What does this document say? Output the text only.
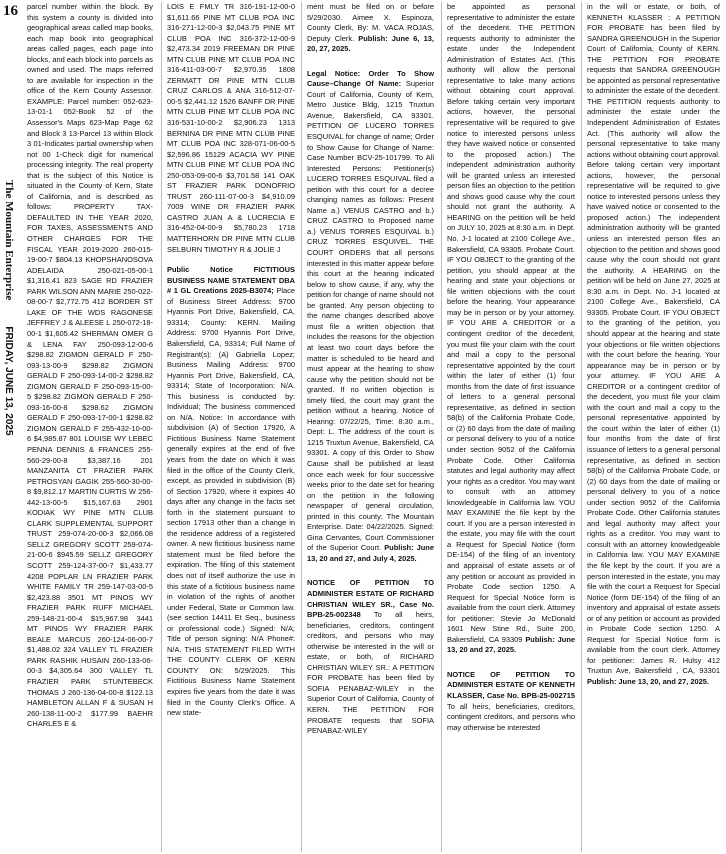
16
The Mountain EnterpriseFRIDAY, JUNE 13, 2025

parcel number within the block. By this system a county is divided into geographical areas called map books, each map book into geographical areas called pages, each page into blocks, and each block into parcels as owned and used. The maps referred to are available for inspection in the office of the Kern County Assessor. EXAMPLE: Parcel number: 052-623-13-01-1 052-Book 52 of the Assessor's Maps 623-Map Page 62 and Block 3 13-Parcel 13 within Block 3 01-Indicates partial ownership when not 00 1-Check digit for numerical processing integrity. The real property that is the subject of this Notice is situated in the County of Kern, State of California, and is described as follows: PROPERTY TAX-DEFAULTED IN THE YEAR 2020, FOR TAXES, ASSESSMENTS AND OTHER CHARGES FOR THE FISCAL YEAR 2019-2020 260-015-19-00-7 $804.13 KHOPSHANOSOVA ADELAIDA 250-021-05-00-1 $1,316.41 823 SAGE RD FRAZIER PARK WILSON ANN MARIE 250-022-08-00-7 $2,772.75 412 BORDER ST LAKE OF THE WDS RAGONESE JEFFREY J & ALEESE L 250-072-18-00-1 $1,605.42 SHERMAN OMER G & LENA FAY 250-093-12-00-6 $298.82 ZIGMON GERALD F 250-093-13-00-9 $298.82 ZIGMON GERALD F 250-093-14-00-2 $298.82 ZIGMON GERALD F 250-093-15-00-5 $298.82 ZIGMON GERALD F 250-093-16-00-8 $298.62 ZIGMON GERALD F 250-093-17-00-1 $298.82 ZIGMON GERALD F 255-432-10-00-6 $4,985.87 801 LOUISE WY LEBEC PENNA DENNIS & FRANCES 255-560-29-00-8 $3,387.16 201 MANZANITA CT FRAZIER PARK PETROSYAN GAGIK 255-560-30-00-8 $9,812.17 MARTIN CURTIS W 256-442-13-00-5 $15,167.63 2901 KODIAK WY PINE MTN CLUB CLARK SUPPLEMENTAL SUPPORT TRUST 259-074-20-00-3 $2,066.08 SELLZ GREGORY SCOTT 259-074-21-00-6 $945.59 SELLZ GREGORY SCOTT 259-124-37-00-7 $1,433.77 4208 POPLAR LN FRAZIER PARK WHITE FAMILY TR 259-147-03-00-5 $2,423.88 3501 MT PINOS WY FRAZIER PARK RUFF MICHAEL 259-148-21-00-4 $15,967.98 3441 MT PINOS WY FRAZIER PARK BEALE MARCUS 260-124-06-00-7 $1,488.02 324 VALLEY TL FRAZIER PARK RASHIK HUSAIN 260-133-06-00-3 $4,305.64 300 VALLEY TL FRAZIER PARK STUNTEBECK THOMAS J 260-136-04-00-8 $122.13 HAMBLETON ALLAN F & SUSAN H 260-138-11-00-2 $177.99 BAEHR CHARLES E &

LOIS E FMLY TR 316-191-12-00-0 $1,611.66 PINE MT CLUB POA INC 316-271-12-00-3 $2,043.75 PINE MT CLUB POA INC 316-372-12-00-9 $2,473.34 2019 FREEMAN DR PINE MTN CLUB PINE MT CLUB POA INC 316-411-03-00-7 $2,970.35 1808 ZERMATT DR PINE MTN CLUB CRUZ CARLOS & ANA 316-512-07-00-5 $2,441.12 1526 BANFF DR PINE MTN CLUB PINE MT CLUB POA INC 316-531-10-00-2 $2,906.23 1313 BERNINA DR PINE MTN CLUB PINE MT CLUB POA INC 328-071-06-00-5 $2,596.86 15129 ACACIA WY PINE MTN CLUB PINE MT CLUB POA INC 250-053-09-00-6 $3,701.58 141 OAK ST FRAZIER PARK DONOFRIO TRUST 260-111-07-00-3 $4,910.09 7009 WINE DR FRAZIER PARK CASTRO JUAN A & LUCRECIA E 316-452-04-00-9 $5,780.23 1718 MATTERHORN DR PINE MTN CLUB SELBURN TIMOTHY R & JOLIE J

Public Notice FICTITIOUS BUSINESS NAME STATEMENT DBA # 1 GL Creations 2025-B3074; Place of Business Street Address: 9700 Hyannis Port Drive, Bakersfield, CA, 93314; County: KERN. Mailing Address: 9700 Hyannis Port Drive, Bakersfield, CA, 93314; Full Name of Registrant(s): (A) Gabriella Lopez; Business Mailing Address: 9700 Hyannis Port Drive, Bakersfield, CA, 93314; State of Incorporation: N/A. This business is conducted by: Individual; The business commenced on N/A. Notice: In accordance with subdivision (A) of Section 17920, A Fictitious Business Name Statement generally expires at the end of five years from the date on which it was filed in the office of the County Clerk, except, as provided in subdivision (B) of Section 17920, where it expires 40 days after any change in the facts set forth in the statement pursuant to section 17913 other than a change in the residence address of a registered owner. A new fictitious business name statement must be filed before the expiration. The filing of this statement does not of itself authorize the use in this state of a fictitious business name in violation of the rights of another under Federal, State or Common law. (see section 14411 Et Seq., business or professional code.) Signed: N/A; Title of person signing: N/A Phone#: N/A. THIS STATEMENT FILED WITH THE COUNTY CLERK OF KERN COUNTY ON: 5/29/2025. This Fictitious Business Name Statement expires five years from the date it was filed in the County Clerk's Office. A new state-

ment must be filed on or before 5/29/2030. Aimee X. Espinoza, County Clerk, By: M. VACA ROJAS, Deputy Clerk. Publish: June 6, 13, 20, 27, 2025.

Legal Notice: Order To Show Cause–Change Of Name: Superior Court of California, County of Kern, Metro Justice Bldg, 1215 Truxtun Avenue, Bakersfield, CA 93301. PETITION OF LUCERO TORRES ESQUIVAL for change of name; Order to Show Cause for Change of Name: Case Number BCV-25-101799. To All Interested Persons: Petitioner(s) LUCERO TORRES ESQUIVAL filed a petition with this court for a decree changing names as follows: Present Name a.) VENUS CASTRO and b.) CRUZ CASTRO to Proposed name a.) VENUS TORRES ESQUIVAL b.) CRUZ TORRES ESQUIVEL. THE COURT ORDERS that all persons interested in this matter appear before this court at the hearing indicated below to show cause, if any, why the petition for change of name should not be granted. Any person objecting to the name changes described above must file a written objection that includes the reasons for the objection at least two court days before the matter is scheduled to be heard and must appear at the hearing to show cause why the petition should not be granted. If no written objection is timely filed, the court may grant the petition without a hearing. Notice of Hearing: 07/22/25, Time: 8:30 a.m., Dept: L. The address of the court is 1215 Truxtun Avenue, Bakersfield, CA 93301. A copy of this Order to Show Cause shall be published at least once each week for four successive weeks prior to the date set for hearing on the petition in the following newspaper of general circulation, printed in this county: The Mountain Enterprise. Date: 04/22/2025. Signed: Gina Cervantes, Court Commissioner of the Superior Court. Publish: June 13, 20 and 27, and July 4, 2025.

NOTICE OF PETITION TO ADMINISTER ESTATE OF RICHARD CHRISTIAN WILEY SR., Case No. BPB-25-002348 To all heirs, beneficiaries, creditors, contingent creditors, and persons who may otherwise be interested in the will or estate, or both, of RICHARD CHRISTIAN WILEY SR.: A PETITION FOR PROBATE has been filed by SOFIA PENABAZ-WILEY in the Superior Court of California, County of KERN. THE PETITION FOR PROBATE requests that SOFIA PENABAZ-WILEY

be appointed as personal representative to administer the estate of the decedent. THE PETITION requests authority to administer the estate under the Independent Administration of Estates Act. (This authority will allow the personal representative to take many actions without obtaining court approval. Before taking certain very important actions, however, the personal representative will be required to give notice to interested persons unless they have waived notice or consented to the proposed action.) The independent administration authority will be granted unless an interested person files an objection to the petition and shows good cause why the court should not grant the authority. A HEARING on the petition will be held on JULY 10, 2025 at 8:30 a.m. in Dept. No. J-1 located at 2100 College Ave., Bakersfield, CA 93305. Probate Court. IF YOU OBJECT to the granting of the petition, you should appear at the hearing and state your objections or file written objections with the court before the hearing. Your appearance may be in person or by your attorney. IF YOU ARE A CREDITOR or a contingent creditor of the decedent, you must file your claim with the court and mail a copy to the personal representative appointed by the court within the later of either (1) four months from the date of first issuance of letters to a general personal representative, as defined in section 58(b) of the California Probate Code, or (2) 60 days from the date of mailing or personal delivery to you of a notice under section 9052 of the California Probate Code. Other California statutes and legal authority may affect your rights as a creditor. You may want to consult with an attorney knowledgeable in California law. YOU MAY EXAMINE the file kept by the court. If you are a person interested in the estate, you may file with the court a Request for Special Notice (form DE-154) of the filing of an inventory and appraisal of estate assets or of any petition or account as provided in Probate Code section 1250. A Request for Special Notice form is available from the court clerk. Attorney for petitioner: Stevie Jo McDonald 1601 New Stine Rd., Suite 200, Bakersfield, CA 93309 Publish: June 13, 20 and 27, 2025.

NOTICE OF PETITION TO ADMINISTER ESTATE OF KENNETH KLASSER, Case No. BPB-25-002715 To all heirs, beneficiaries, creditors, contingent creditors, and persons who may otherwise be interested

in the will or estate, or both, of KENNETH KLASSER : A PETITION FOR PROBATE has been filed by SANDRA GREENOUGH in the Superior Court of California, County of KERN. THE PETITION FOR PROBATE requests that SANDRA GREENOUGH be appointed as personal representative to administer the estate of the decedent. THE PETITION requests authority to administer the estate under the Independent Administration of Estates Act. (This authority will allow the personal representative to take many actions without obtaining court approval. Before taking certain very important actions, however, the personal representative will be required to give notice to interested persons unless they have waived notice or consented to the proposed action.) The independent administration authority will be granted unless an interested person files an objection to the petition and shows good cause why the court should not grant the authority. A HEARING on the petition will be held on June 27, 2025 at 8:30 a.m. in Dept. No. J-1 located at 2100 College Ave., Bakersfield, CA 93305. Probate Court. IF YOU OBJECT to the granting of the petition, you should appear at the hearing and state your objections or file written objections with the court before the hearing. Your appearance may be in person or by your attorney. IF YOU ARE A CREDITOR or a contingent creditor of the decedent, you must file your claim with the court and mail a copy to the personal representative appointed by the court within the later of either (1) four months from the date of first issuance of letters to a general personal representative, as defined in section 58(b) of the California Probate Code, or (2) 60 days from the date of mailing or personal delivery to you of a notice under section 9052 of the California Probate Code. Other California statutes and legal authority may affect your rights as a creditor. You may want to consult with an attorney knowledgeable in California law. YOU MAY EXAMINE the file kept by the court. If you are a person interested in the estate, you may file with the court a Request for Special Notice (form DE-154) of the filing of an inventory and appraisal of estate assets or of any petition or account as provided in Probate Code section 1250. A Request for Special Notice form is available from the court clerk. Attorney for petitioner: James R. Hulsy 412 Truxtun Ave, Bakersfield , CA, 93301 Publish: June 13, 20, and 27, 2025.
